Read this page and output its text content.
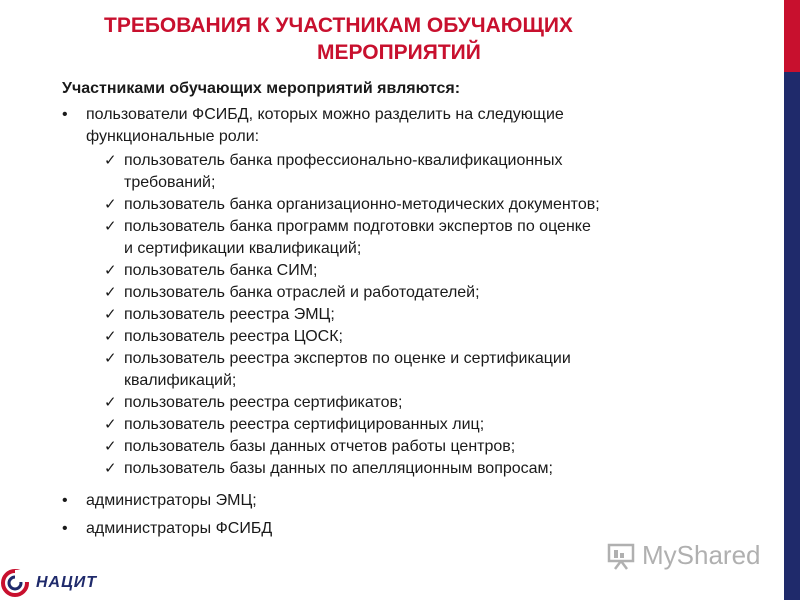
ТРЕБОВАНИЯ К УЧАСТНИКАМ ОБУЧАЮЩИХ
МЕРОПРИЯТИЙ
Участниками обучающих мероприятий являются:
• пользователи ФСИБД, которых можно разделить на следующие
функциональные роли:
✓ пользователь банка профессионально-квалификационных
требований;
✓ пользователь банка организационно-методических документов;
✓ пользователь банка программ подготовки экспертов по оценке
и сертификации квалификаций;
✓ пользователь банка СИМ;
✓ пользователь банка отраслей и работодателей;
✓ пользователь реестра ЭМЦ;
✓ пользователь реестра ЦОСК;
✓ пользователь реестра экспертов по оценке и сертификации
квалификаций;
✓ пользователь реестра сертификатов;
✓ пользователь реестра сертифицированных лиц;
✓ пользователь базы данных отчетов работы центров;
✓ пользователь базы данных по апелляционным вопросам;
• администраторы ЭМЦ;
• администраторы ФСИБД
MyShared
НАЦИТ
